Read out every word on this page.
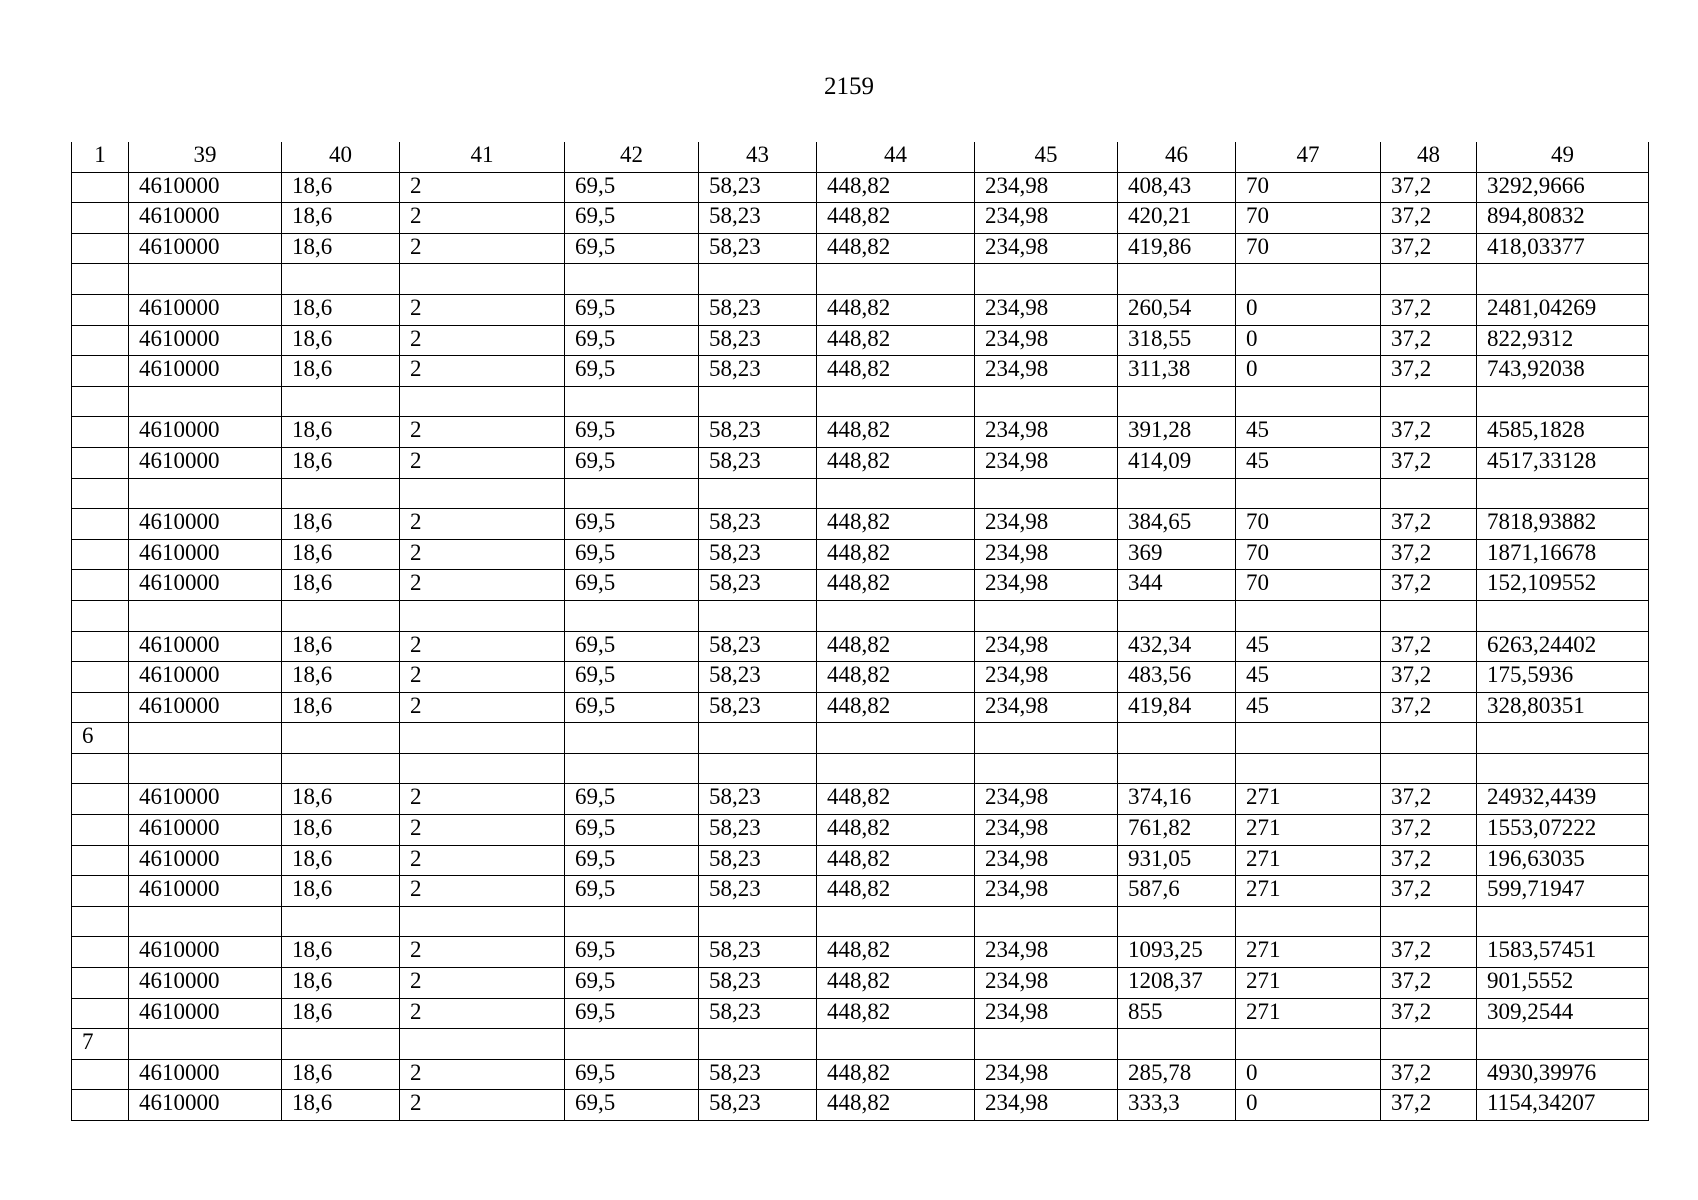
2159
1	39	40	41	42	43	44	45	46	47	48	49
	4610000	18,6	2	69,5	58,23	448,82	234,98	408,43	70	37,2	3292,9666
	4610000	18,6	2	69,5	58,23	448,82	234,98	420,21	70	37,2	894,80832
	4610000	18,6	2	69,5	58,23	448,82	234,98	419,86	70	37,2	418,03377

	4610000	18,6	2	69,5	58,23	448,82	234,98	260,54	0	37,2	2481,04269
	4610000	18,6	2	69,5	58,23	448,82	234,98	318,55	0	37,2	822,9312
	4610000	18,6	2	69,5	58,23	448,82	234,98	311,38	0	37,2	743,92038

	4610000	18,6	2	69,5	58,23	448,82	234,98	391,28	45	37,2	4585,1828
	4610000	18,6	2	69,5	58,23	448,82	234,98	414,09	45	37,2	4517,33128

	4610000	18,6	2	69,5	58,23	448,82	234,98	384,65	70	37,2	7818,93882
	4610000	18,6	2	69,5	58,23	448,82	234,98	369	70	37,2	1871,16678
	4610000	18,6	2	69,5	58,23	448,82	234,98	344	70	37,2	152,109552

	4610000	18,6	2	69,5	58,23	448,82	234,98	432,34	45	37,2	6263,24402
	4610000	18,6	2	69,5	58,23	448,82	234,98	483,56	45	37,2	175,5936
	4610000	18,6	2	69,5	58,23	448,82	234,98	419,84	45	37,2	328,80351
6											

	4610000	18,6	2	69,5	58,23	448,82	234,98	374,16	271	37,2	24932,4439
	4610000	18,6	2	69,5	58,23	448,82	234,98	761,82	271	37,2	1553,07222
	4610000	18,6	2	69,5	58,23	448,82	234,98	931,05	271	37,2	196,63035
	4610000	18,6	2	69,5	58,23	448,82	234,98	587,6	271	37,2	599,71947

	4610000	18,6	2	69,5	58,23	448,82	234,98	1093,25	271	37,2	1583,57451
	4610000	18,6	2	69,5	58,23	448,82	234,98	1208,37	271	37,2	901,5552
	4610000	18,6	2	69,5	58,23	448,82	234,98	855	271	37,2	309,2544
7											
	4610000	18,6	2	69,5	58,23	448,82	234,98	285,78	0	37,2	4930,39976
	4610000	18,6	2	69,5	58,23	448,82	234,98	333,3	0	37,2	1154,34207
